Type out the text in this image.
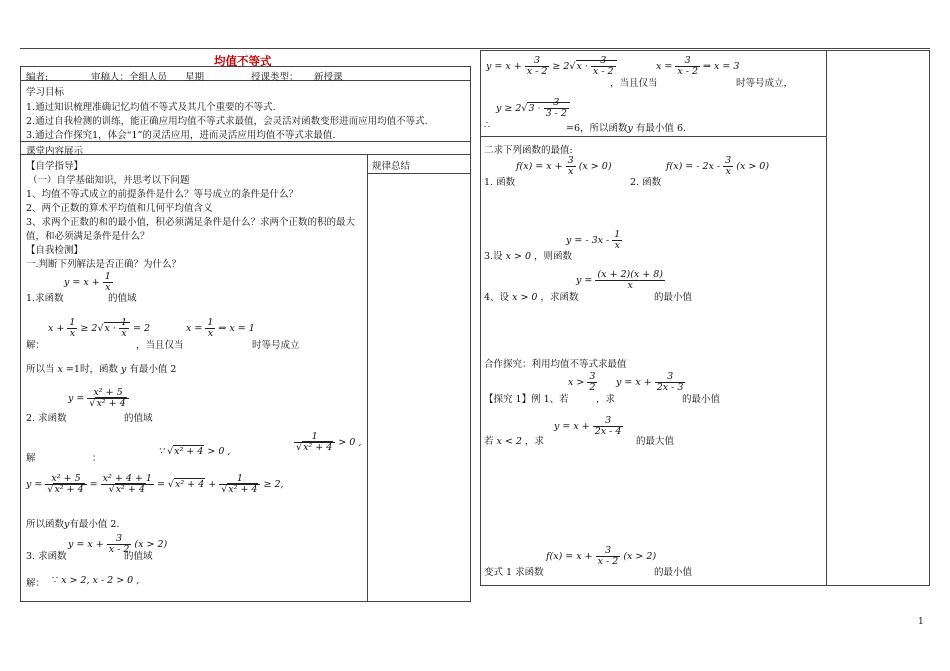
1
均值不等式
编者:	审稿人：全组人员 星期	授课类型： 新授课
学习目标
1.通过知识梳理准确记忆均值不等式及其几个重要的不等式.
2.通过自我检测的训练，能正确应用均值不等式求最值，会灵活对函数变形进而应用均值不等式.
3.通过合作探究1，体会“1”的灵活应用，进而灵活应用均值不等式求最值.
课堂内容展示
规律总结
【自学指导】
（一）自学基础知识，并思考以下问题
1、均值不等式成立的前提条件是什么？等号成立的条件是什么？
2、两个正数的算术平均值和几何平均值含义
3、求两个正数的和的最小值，积必须满足条件是什么？求两个正数的积的最大
值，和必须满足条件是什么？
【自我检测】
一.判断下列解法是否正确？为什么？
$y = x + \frac{1}{x}$
1.求函数	的值域
$x + \frac{1}{x} \ge 2√x \cdot \frac{1}{x} = 2$	$x = \frac{1}{x}$ ⇒ x = 1
解：	，当且仅当	时等号成立
所以当 x =1时，函数 y 有最小值 2
$y = \frac{\text{x² + 5}}{\text{√x² + 4}}$
2. 求函数	的值域
解	：
∵ √x² + 4 > 0 ,	$\frac{1}{\text{√x² + 4}} > 0$ ,
$y = \frac{\text{x² + 5}}{\text{√x² + 4}} = \frac{\text{x² + 4 + 1}}{\text{√x² + 4}} = √x^2 + 4 + \frac{1}{\text{√x² + 4}} \ge 2$,
所以函数y有最小值 2.
$y = x + \frac{3}{x - 2} (x > 2)$
3. 求函数	的值域
解： ∵ x > 2, x - 2 > 0 ,
$y = x + \frac{3}{x - 2} \ge 2√x \cdot \frac{3}{x - 2}$
，当且仅当
$x = \frac{3}{x - 2}$ ⇒ x = 3
时等号成立，
$y \ge 2√3 \cdot \frac{3}{3 - 2}$
∴	=6，所以函数y 有最小值 6.
二求下列函数的最值:
$f(x) = x + \frac{3}{x} (x > 0)$
1. 函数	2. 函数
f(x) = - $2x - \frac{3}{x} (x > 0)$
y = - $3x - \frac{1}{x}$
3.设 x > 0 ，则函数
$y = \frac{(x + 2)(x + 8)}{x}$
4、设 x > 0 ，求函数	的最小值
合作探究：利用均值不等式求最值
$x > \frac{3}{2}$ $y = x + \frac{3}{2x - 3}$
【探究 1】例 1、若	，求	的最小值
$y = x + \frac{3}{2x - 4}$
若 x < 2 ，求	的最大值
$f(x) = x + \frac{3}{x - 2} (x > 2)$
变式 1 求函数	的最小值
